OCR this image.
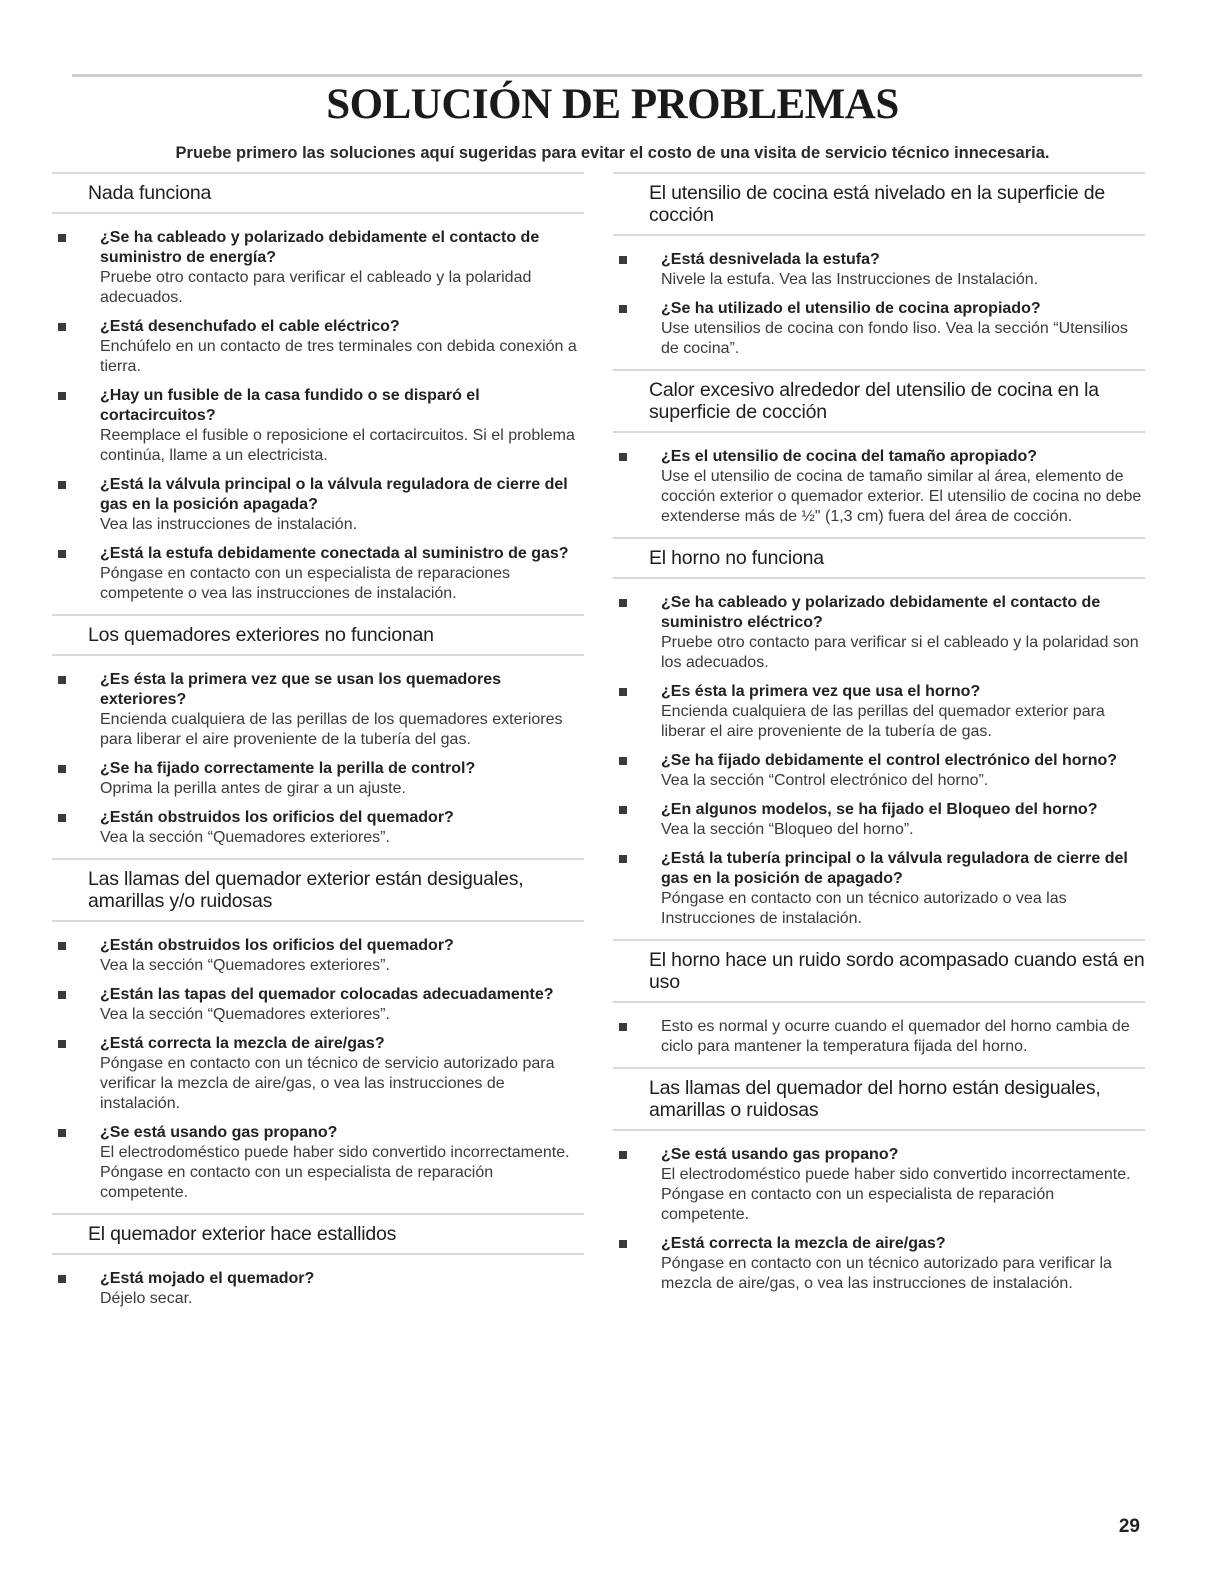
SOLUCIÓN DE PROBLEMAS
Pruebe primero las soluciones aquí sugeridas para evitar el costo de una visita de servicio técnico innecesaria.
Nada funciona
¿Se ha cableado y polarizado debidamente el contacto de suministro de energía?
Pruebe otro contacto para verificar el cableado y la polaridad adecuados.
¿Está desenchufado el cable eléctrico?
Enchúfelo en un contacto de tres terminales con debida conexión a tierra.
¿Hay un fusible de la casa fundido o se disparó el cortacircuitos?
Reemplace el fusible o reposicione el cortacircuitos. Si el problema continúa, llame a un electricista.
¿Está la válvula principal o la válvula reguladora de cierre del gas en la posición apagada?
Vea las instrucciones de instalación.
¿Está la estufa debidamente conectada al suministro de gas?
Póngase en contacto con un especialista de reparaciones competente o vea las instrucciones de instalación.
Los quemadores exteriores no funcionan
¿Es ésta la primera vez que se usan los quemadores exteriores?
Encienda cualquiera de las perillas de los quemadores exteriores para liberar el aire proveniente de la tubería del gas.
¿Se ha fijado correctamente la perilla de control?
Oprima la perilla antes de girar a un ajuste.
¿Están obstruidos los orificios del quemador?
Vea la sección “Quemadores exteriores”.
Las llamas del quemador exterior están desiguales, amarillas y/o ruidosas
¿Están obstruidos los orificios del quemador?
Vea la sección “Quemadores exteriores”.
¿Están las tapas del quemador colocadas adecuadamente?
Vea la sección “Quemadores exteriores”.
¿Está correcta la mezcla de aire/gas?
Póngase en contacto con un técnico de servicio autorizado para verificar la mezcla de aire/gas, o vea las instrucciones de instalación.
¿Se está usando gas propano?
El electrodoméstico puede haber sido convertido incorrectamente. Póngase en contacto con un especialista de reparación competente.
El quemador exterior hace estallidos
¿Está mojado el quemador?
Déjelo secar.
El utensilio de cocina está nivelado en la superficie de cocción
¿Está desnivelada la estufa?
Nivele la estufa. Vea las Instrucciones de Instalación.
¿Se ha utilizado el utensilio de cocina apropiado?
Use utensilios de cocina con fondo liso. Vea la sección “Utensilios de cocina”.
Calor excesivo alrededor del utensilio de cocina en la superficie de cocción
¿Es el utensilio de cocina del tamaño apropiado?
Use el utensilio de cocina de tamaño similar al área, elemento de cocción exterior o quemador exterior. El utensilio de cocina no debe extenderse más de ½" (1,3 cm) fuera del área de cocción.
El horno no funciona
¿Se ha cableado y polarizado debidamente el contacto de suministro eléctrico?
Pruebe otro contacto para verificar si el cableado y la polaridad son los adecuados.
¿Es ésta la primera vez que usa el horno?
Encienda cualquiera de las perillas del quemador exterior para liberar el aire proveniente de la tubería de gas.
¿Se ha fijado debidamente el control electrónico del horno?
Vea la sección “Control electrónico del horno”.
¿En algunos modelos, se ha fijado el Bloqueo del horno?
Vea la sección “Bloqueo del horno”.
¿Está la tubería principal o la válvula reguladora de cierre del gas en la posición de apagado?
Póngase en contacto con un técnico autorizado o vea las Instrucciones de instalación.
El horno hace un ruido sordo acompasado cuando está en uso
Esto es normal y ocurre cuando el quemador del horno cambia de ciclo para mantener la temperatura fijada del horno.
Las llamas del quemador del horno están desiguales, amarillas o ruidosas
¿Se está usando gas propano?
El electrodoméstico puede haber sido convertido incorrectamente. Póngase en contacto con un especialista de reparación competente.
¿Está correcta la mezcla de aire/gas?
Póngase en contacto con un técnico autorizado para verificar la mezcla de aire/gas, o vea las instrucciones de instalación.
29
